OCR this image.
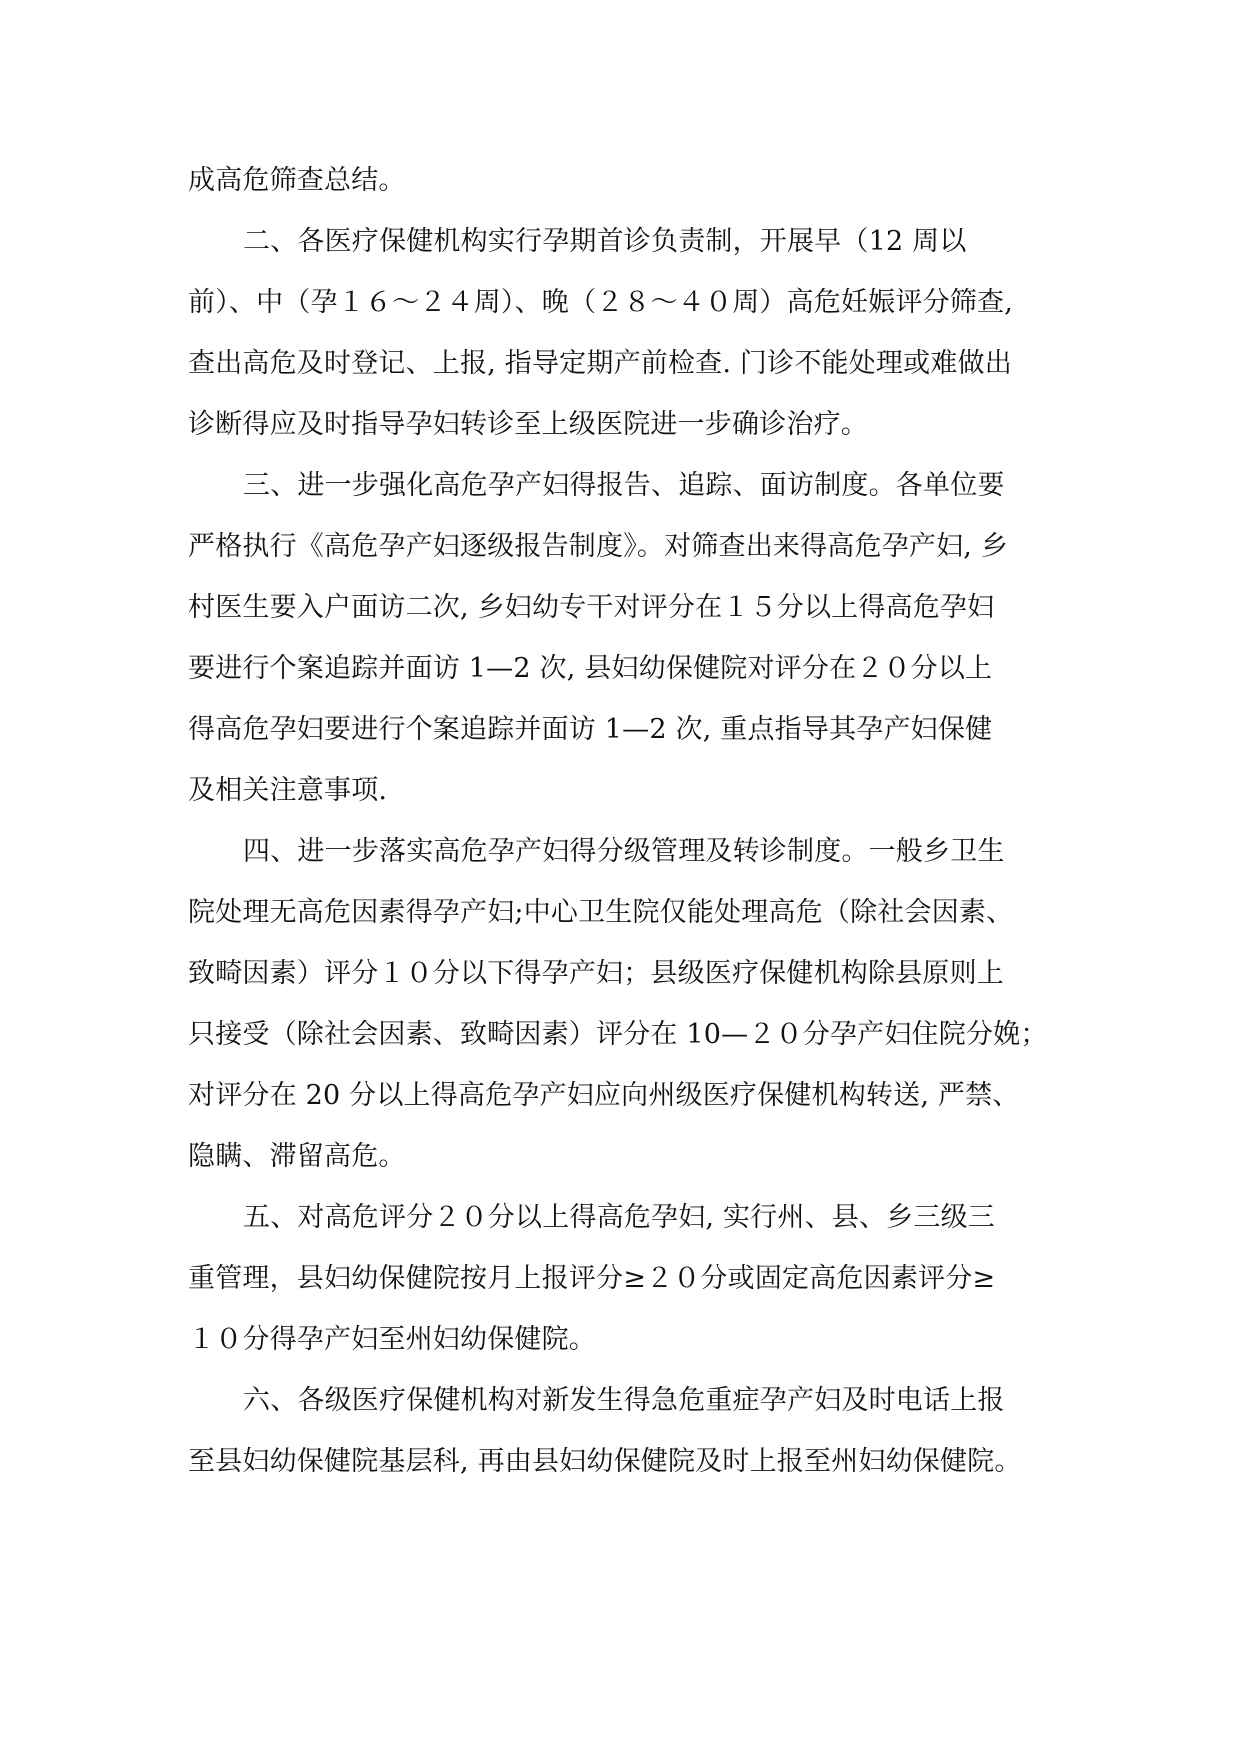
成高危筛查总结。
二、各医疗保健机构实行孕期首诊负责制，开展早（12 周以
前）、中（孕１６～２４周）、晚（２８～４０周）高危妊娠评分筛查,
查出高危及时登记、上报, 指导定期产前检查. 门诊不能处理或难做出
诊断得应及时指导孕妇转诊至上级医院进一步确诊治疗。
三、进一步强化高危孕产妇得报告、追踪、面访制度。各单位要
严格执行《高危孕产妇逐级报告制度》。对筛查出来得高危孕产妇, 乡
村医生要入户面访二次, 乡妇幼专干对评分在１５分以上得高危孕妇
要进行个案追踪并面访 1—2 次, 县妇幼保健院对评分在２０分以上
得高危孕妇要进行个案追踪并面访 1—2 次, 重点指导其孕产妇保健
及相关注意事项.
四、进一步落实高危孕产妇得分级管理及转诊制度。一般乡卫生
院处理无高危因素得孕产妇;中心卫生院仅能处理高危（除社会因素、
致畸因素）评分１０分以下得孕产妇；县级医疗保健机构除县原则上
只接受（除社会因素、致畸因素）评分在 10—２０分孕产妇住院分娩；
对评分在 20 分以上得高危孕产妇应向州级医疗保健机构转送, 严禁、
隐瞒、滞留高危。
五、对高危评分２０分以上得高危孕妇, 实行州、县、乡三级三
重管理，县妇幼保健院按月上报评分≥２０分或固定高危因素评分≥
１０分得孕产妇至州妇幼保健院。
六、各级医疗保健机构对新发生得急危重症孕产妇及时电话上报
至县妇幼保健院基层科, 再由县妇幼保健院及时上报至州妇幼保健院。
